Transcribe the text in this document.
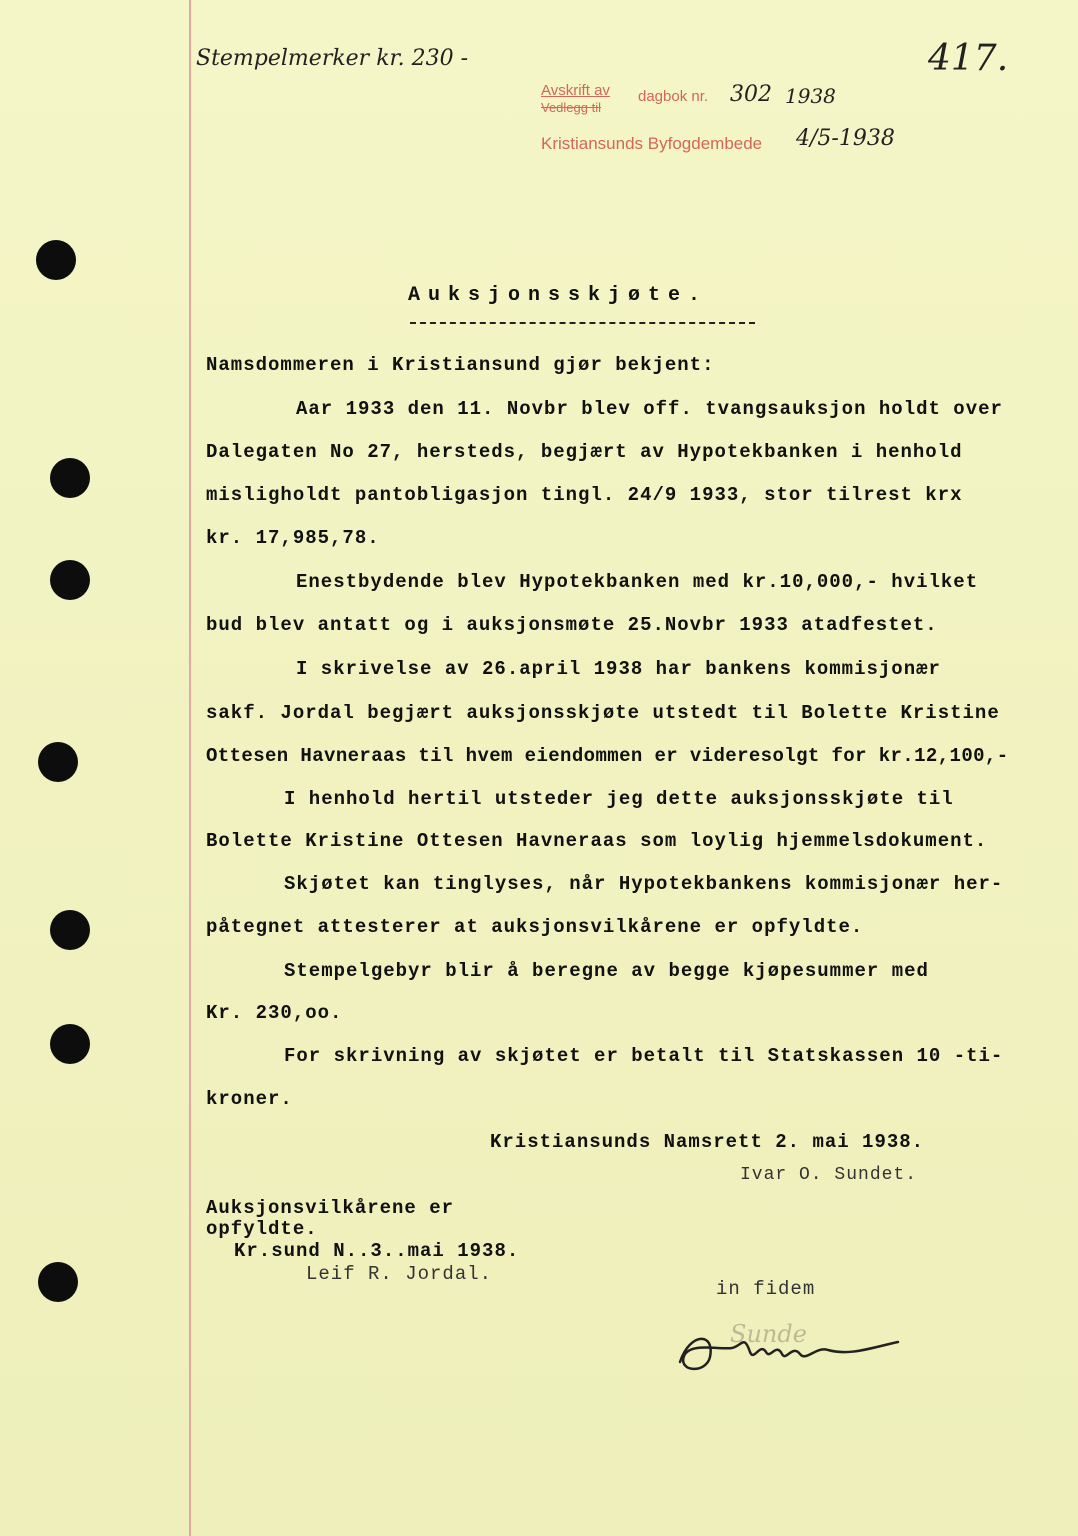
Stempelmerker kr. 230 -	417.
Avskrift av
Vedlegg til
dagbok nr. 302 1938
Kristiansunds Byfogdembede 4/5-1938
Auksjonsskjøte.
Namsdommeren i Kristiansund gjør bekjent:
Aar 1933 den 11. Novbr blev off. tvangsauksjon holdt over
Dalegaten No 27, hersteds, begjært av Hypotekbanken i henhold
misligholdt pantobligasjon tingl. 24/9 1933, stor tilrest krx
kr. 17,985,78.
Enestbydende blev Hypotekbanken med kr.10,000,- hvilket
bud blev antatt og i auksjonsmøte 25.Novbr 1933 atadfestet.
I skrivelse av 26.april 1938 har bankens kommisjonær
sakf. Jordal begjært auksjonsskjøte utstedt til Bolette Kristine
Ottesen Havneraas til hvem eiendommen er videresolgt for kr.12,100,-
I henhold hertil utsteder jeg dette auksjonsskjøte til
Bolette Kristine Ottesen Havneraas som loylig hjemmelsdokument.
Skjøtet kan tinglyses, når Hypotekbankens kommisjonær her-
påtegnet attesterer at auksjonsvilkårene er opfyldte.
Stempelgebyr blir å beregne av begge kjøpesummer med
Kr. 230,oo.
For skrivning av skjøtet er betalt til Statskassen 10 -ti-
kroner.
Kristiansunds Namsrett 2. mai 1938.
Ivar O. Sundet.
Auksjonsvilkårene er
opfyldte.
Kr.sund N..3..mai 1938.
Leif R. Jordal.
in fidem
Sunde
